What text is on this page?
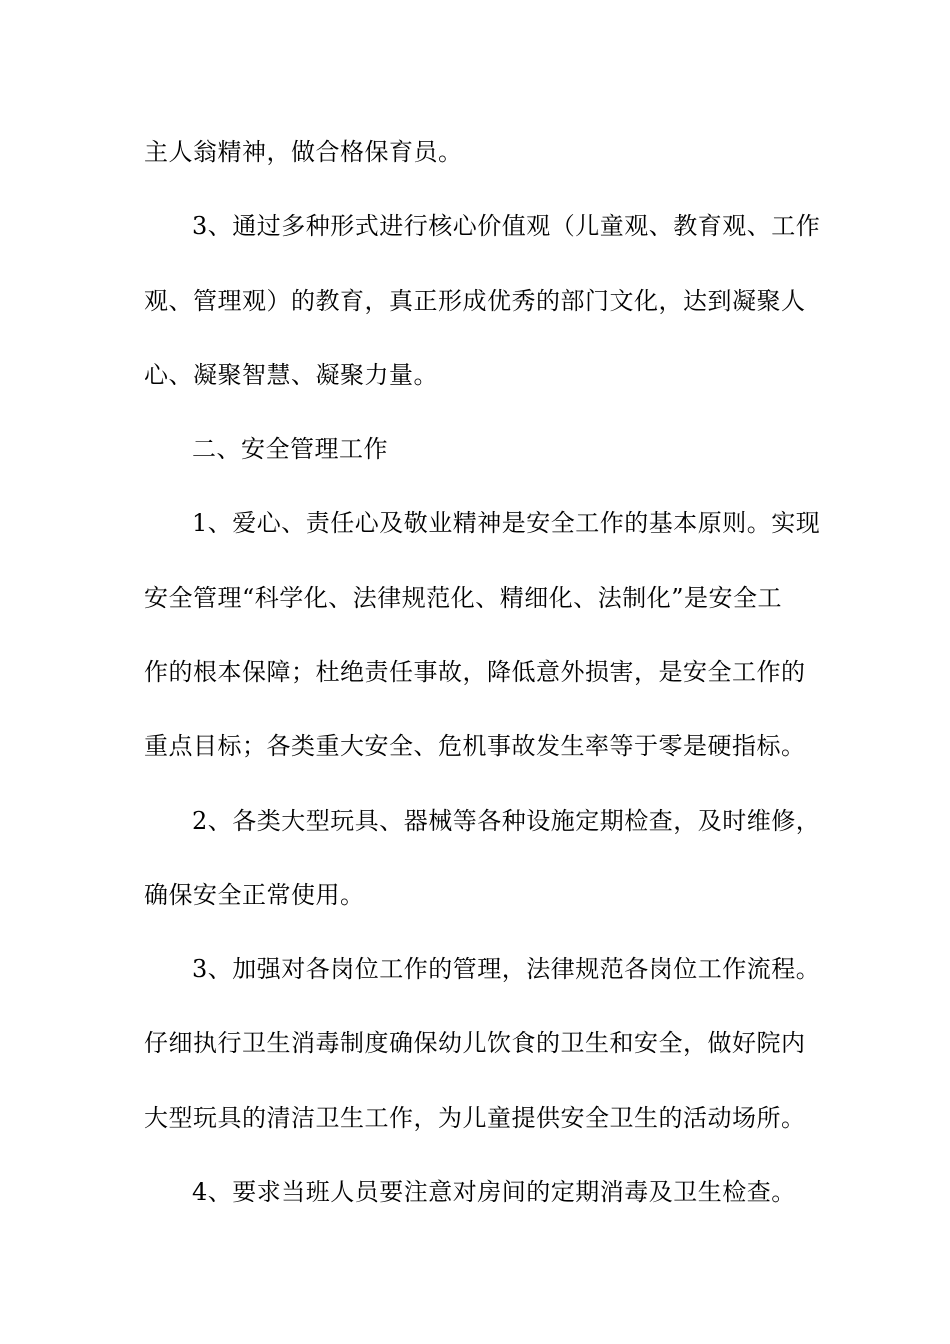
主人翁精神，做合格保育员。
3、通过多种形式进行核心价值观（儿童观、教育观、工作
观、管理观）的教育，真正形成优秀的部门文化，达到凝聚人
心、凝聚智慧、凝聚力量。
二、安全管理工作
1、爱心、责任心及敬业精神是安全工作的基本原则。实现
安全管理“科学化、法律规范化、精细化、法制化”是安全工
作的根本保障；杜绝责任事故，降低意外损害，是安全工作的
重点目标；各类重大安全、危机事故发生率等于零是硬指标。
2、各类大型玩具、器械等各种设施定期检查，及时维修，
确保安全正常使用。
3、加强对各岗位工作的管理，法律规范各岗位工作流程。
仔细执行卫生消毒制度确保幼儿饮食的卫生和安全，做好院内
大型玩具的清洁卫生工作，为儿童提供安全卫生的活动场所。
4、要求当班人员要注意对房间的定期消毒及卫生检查。
